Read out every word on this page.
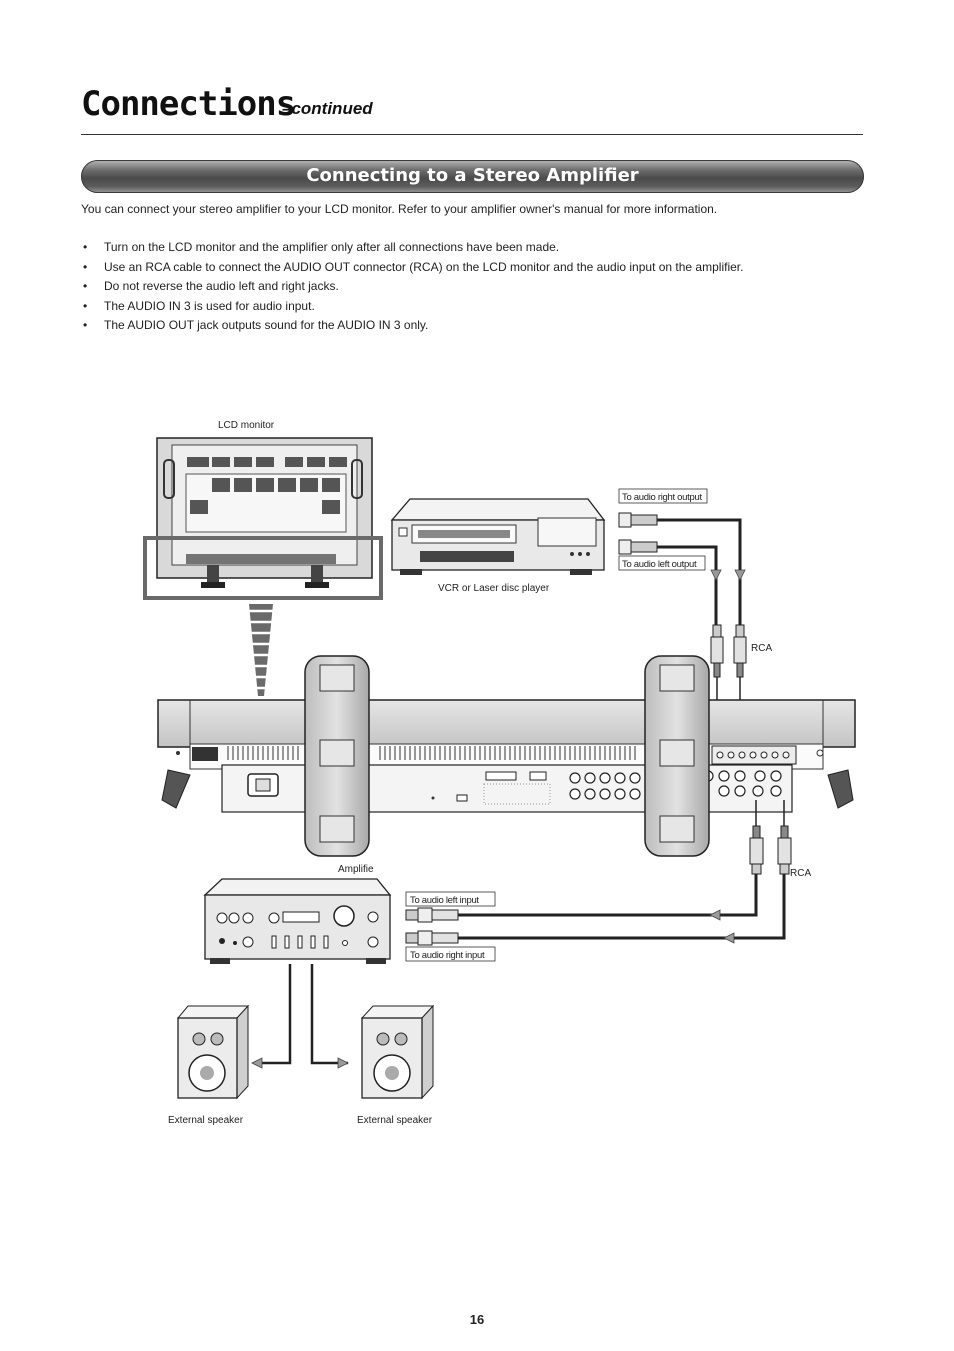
Connections
–continued
Connecting to a Stereo Amplifier
You can connect your stereo amplifier to your LCD monitor. Refer to your amplifier owner's manual for more information.
• Turn on the LCD monitor and the amplifier only after all connections have been made.
• Use an RCA cable to connect the AUDIO OUT connector (RCA) on the LCD monitor and the audio input on the amplifier.
• Do not reverse the audio left and right jacks.
• The AUDIO IN 3 is used for audio input.
• The AUDIO OUT jack outputs sound for the AUDIO IN 3 only.
LCD monitor
VCR or Laser disc player
To audio right output
To audio left output
RCA
RCA
Amplifie
To audio left input
To audio right input
External speaker	External speaker
16
